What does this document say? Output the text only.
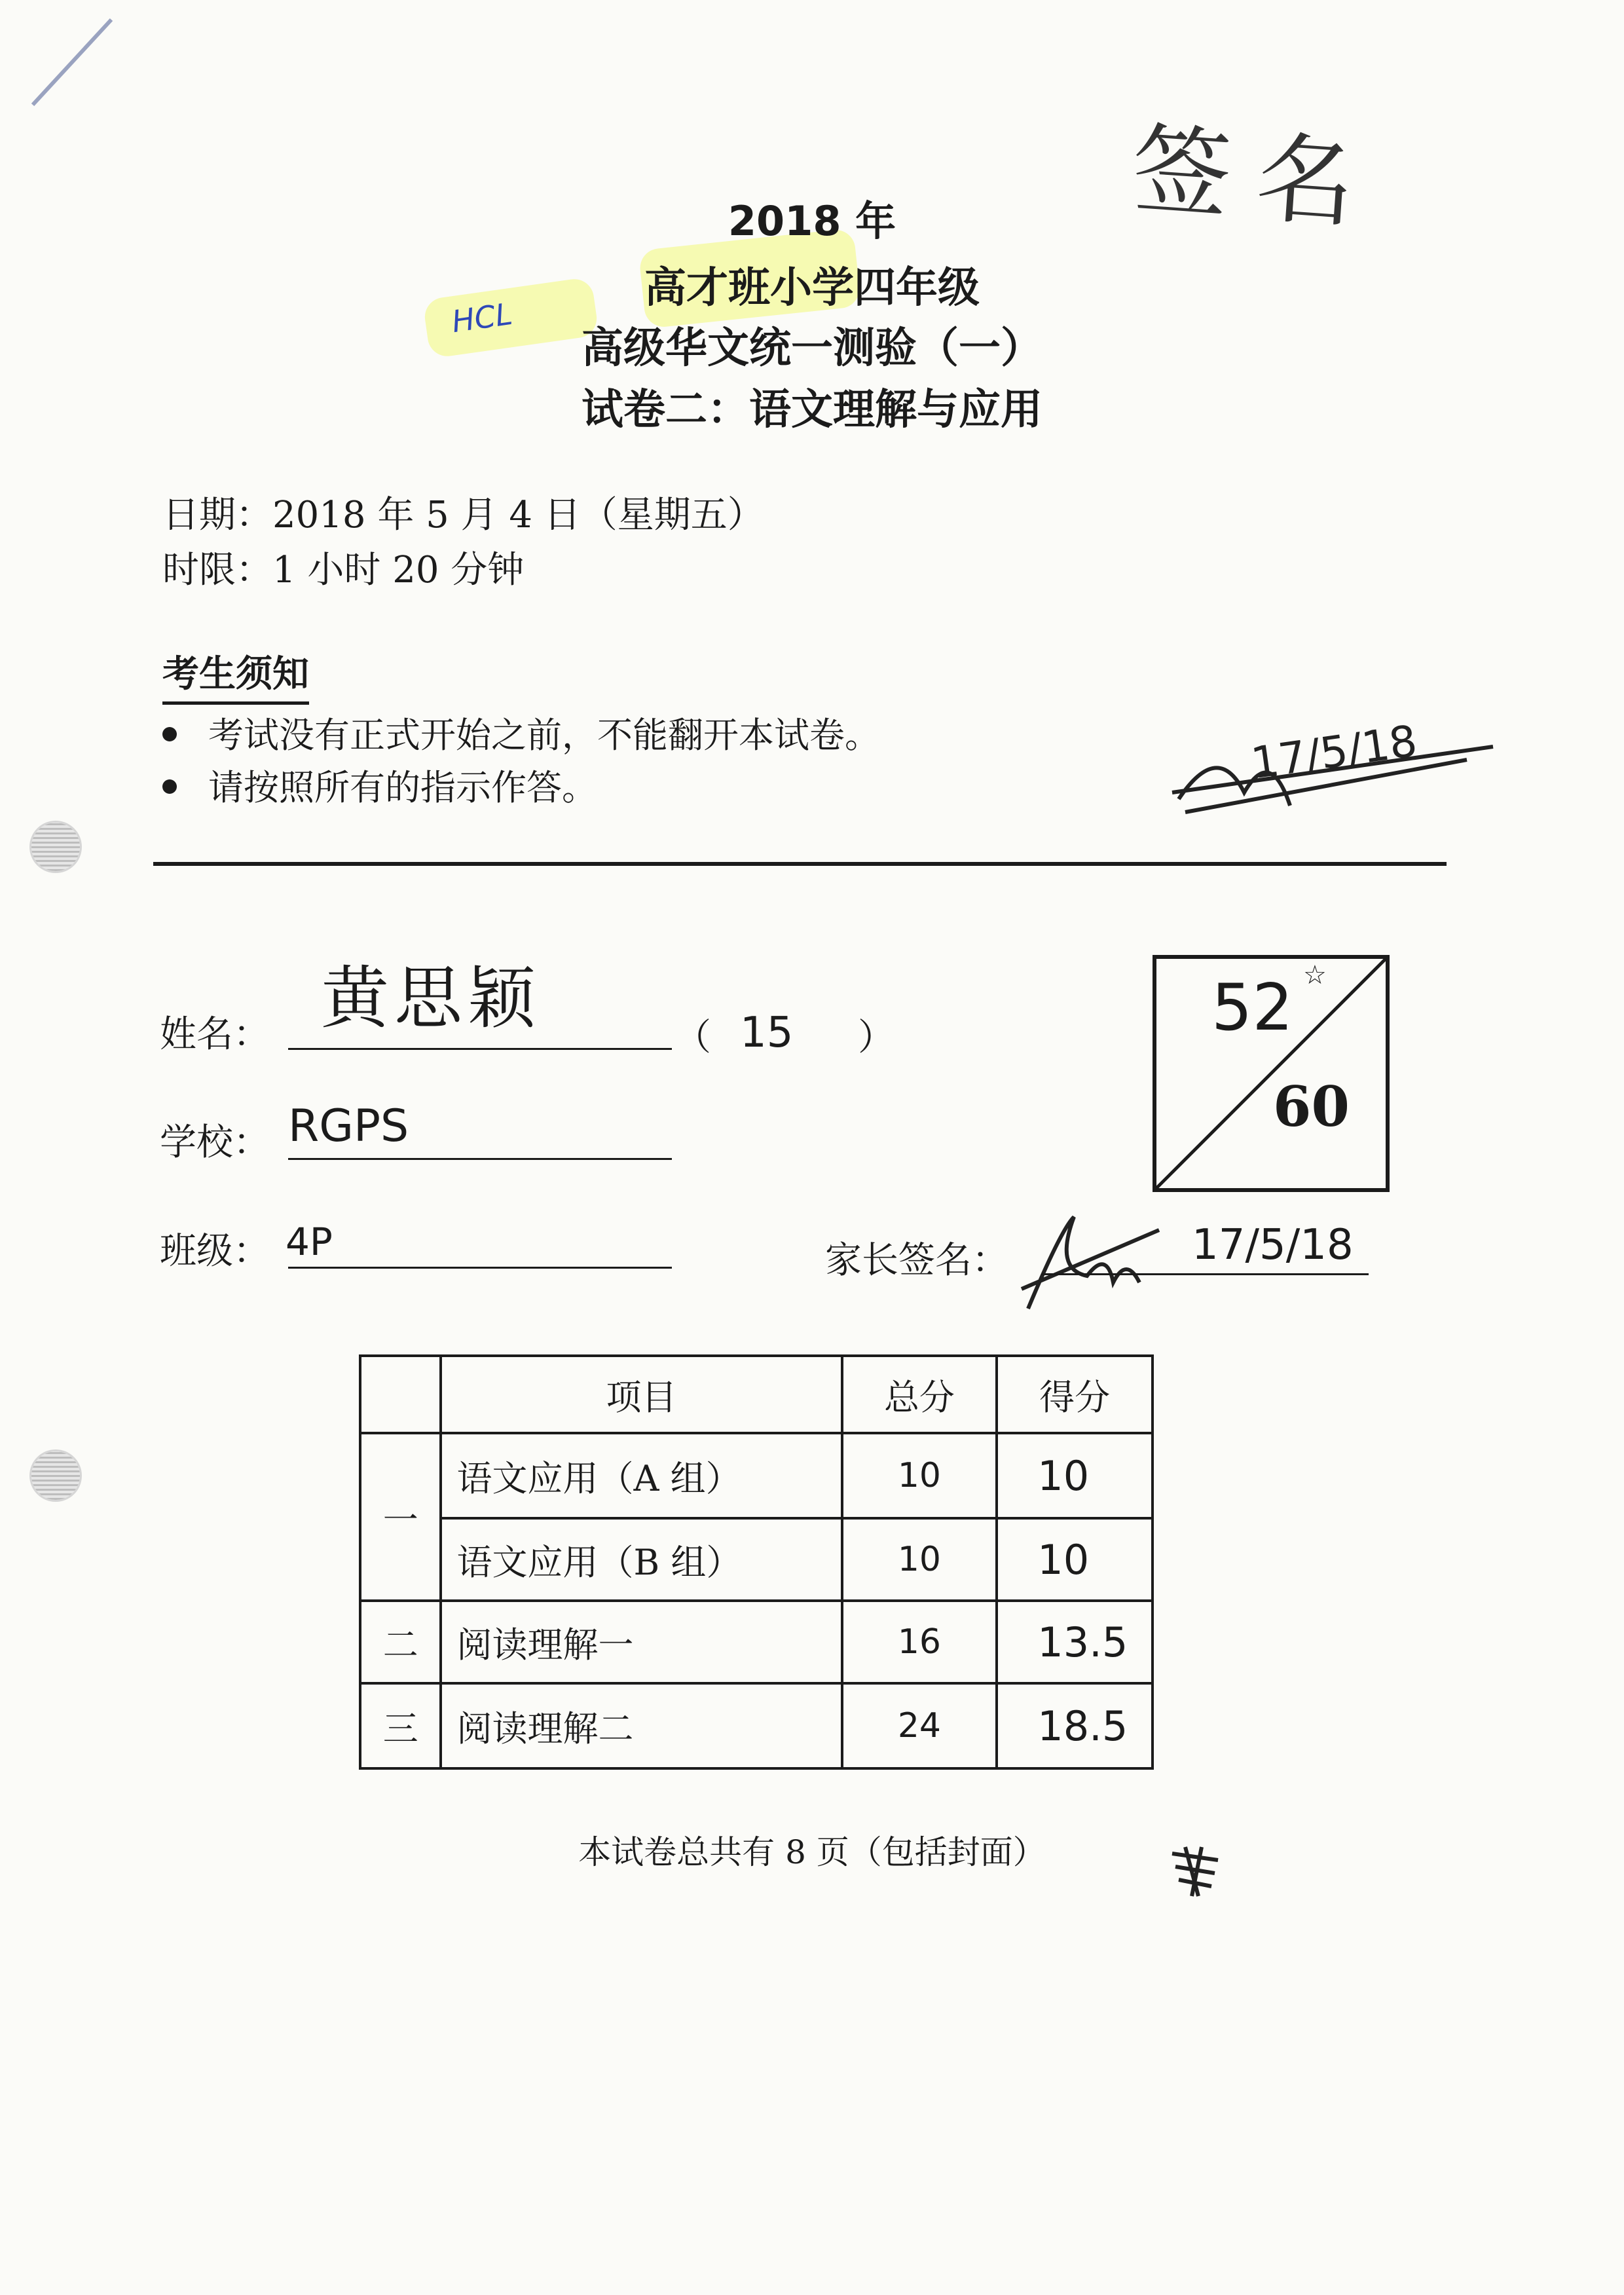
签名
2018 年
高才班小学四年级
高级华文统一测验（一）
试卷二：语文理解与应用
HCL
日期：2018 年 5 月 4 日（星期五）
时限：1 小时 20 分钟
考生须知
考试没有正式开始之前，不能翻开本试卷。
请按照所有的指示作答。	17/5/18
姓名： 黄思颖	（ 15 ）
学校： RGPS
班级： 4P	家长签名：	17/5/18
52 ☆
60
	项目	总分	得分
一	语文应用（A 组）	10	10
	语文应用（B 组）	10	10
二	阅读理解一	16	13.5
三	阅读理解二	24	18.5
本试卷总共有 8 页（包括封面）
